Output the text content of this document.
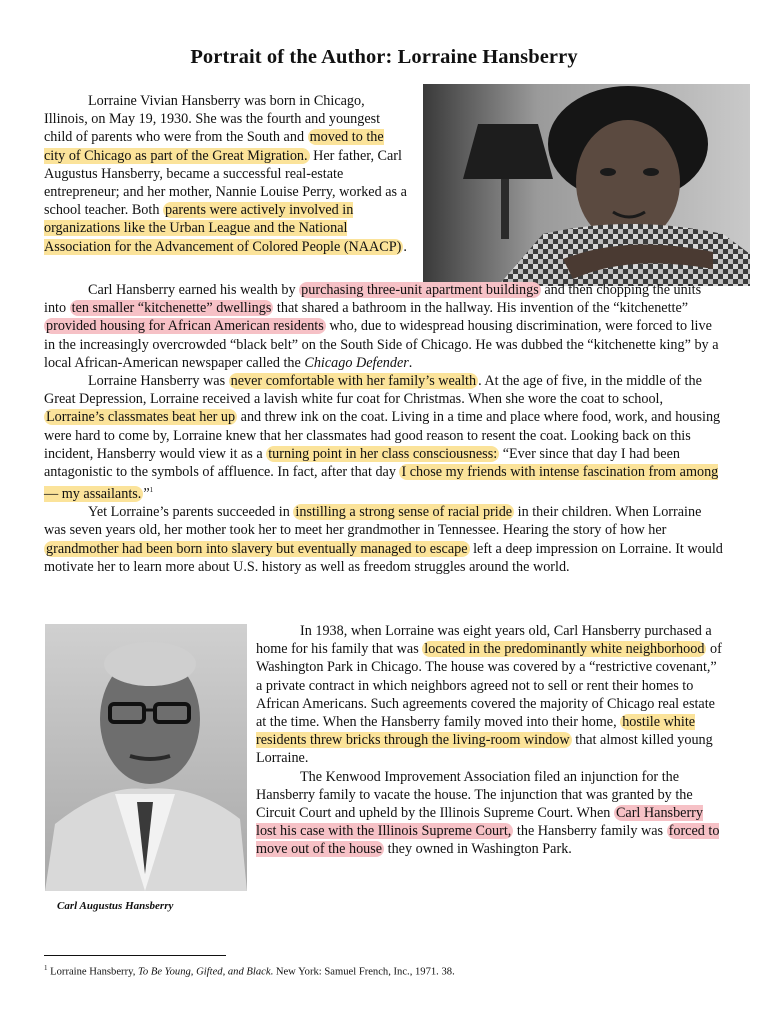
Portrait of the Author: Lorraine Hansberry

Lorraine Vivian Hansberry was born in Chicago, Illinois, on May 19, 1930. She was the fourth and youngest child of parents who were from the South and moved to the city of Chicago as part of the Great Migration. Her father, Carl Augustus Hansberry, became a successful real-estate entrepreneur; and her mother, Nannie Louise Perry, worked as a school teacher. Both parents were actively involved in organizations like the Urban League and the National Association for the Advancement of Colored People (NAACP) .

Carl Hansberry earned his wealth by purchasing three-unit apartment buildings and then chopping the units into ten smaller “kitchenette” dwellings that shared a bathroom in the hallway. His invention of the “kitchenette” provided housing for African American residents who, due to widespread housing discrimination, were forced to live in the increasingly overcrowded “black belt” on the South Side of Chicago. He was dubbed the “kitchenette king” by a local African-American newspaper called the Chicago Defender.

Lorraine Hansberry was never comfortable with her family’s wealth . At the age of five, in the middle of the Great Depression, Lorraine received a lavish white fur coat for Christmas. When she wore the coat to school, Lorraine’s classmates beat her up and threw ink on the coat. Living in a time and place where food, work, and housing were hard to come by, Lorraine knew that her classmates had good reason to resent the coat. Looking back on this incident, Hansberry would view it as a turning point in her class consciousness: “Ever since that day I had been antagonistic to the symbols of affluence. In fact, after that day I chose my friends with intense fascination from among — my assailants. ”$^1$

Yet Lorraine’s parents succeeded in instilling a strong sense of racial pride in their children. When Lorraine was seven years old, her mother took her to meet her grandmother in Tennessee. Hearing the story of how her grandmother had been born into slavery but eventually managed to escape left a deep impression on Lorraine. It would motivate her to learn more about U.S. history as well as freedom struggles around the world.

Carl Augustus Hansberry

In 1938, when Lorraine was eight years old, Carl Hansberry purchased a home for his family that was located in the predominantly white neighborhood of Washington Park in Chicago. The house was covered by a “restrictive covenant,” a private contract in which neighbors agreed not to sell or rent their homes to African Americans. Such agreements covered the majority of Chicago real estate at the time. When the Hansberry family moved into their home, hostile white residents threw bricks through the living-room window that almost killed young Lorraine.

The Kenwood Improvement Association filed an injunction for the Hansberry family to vacate the house. The injunction that was granted by the Circuit Court and upheld by the Illinois Supreme Court. When Carl Hansberry lost his case with the Illinois Supreme Court, the Hansberry family was forced to move out of the house they owned in Washington Park.

$^1$ Lorraine Hansberry, To Be Young, Gifted, and Black. New York: Samuel French, Inc., 1971. 38.
